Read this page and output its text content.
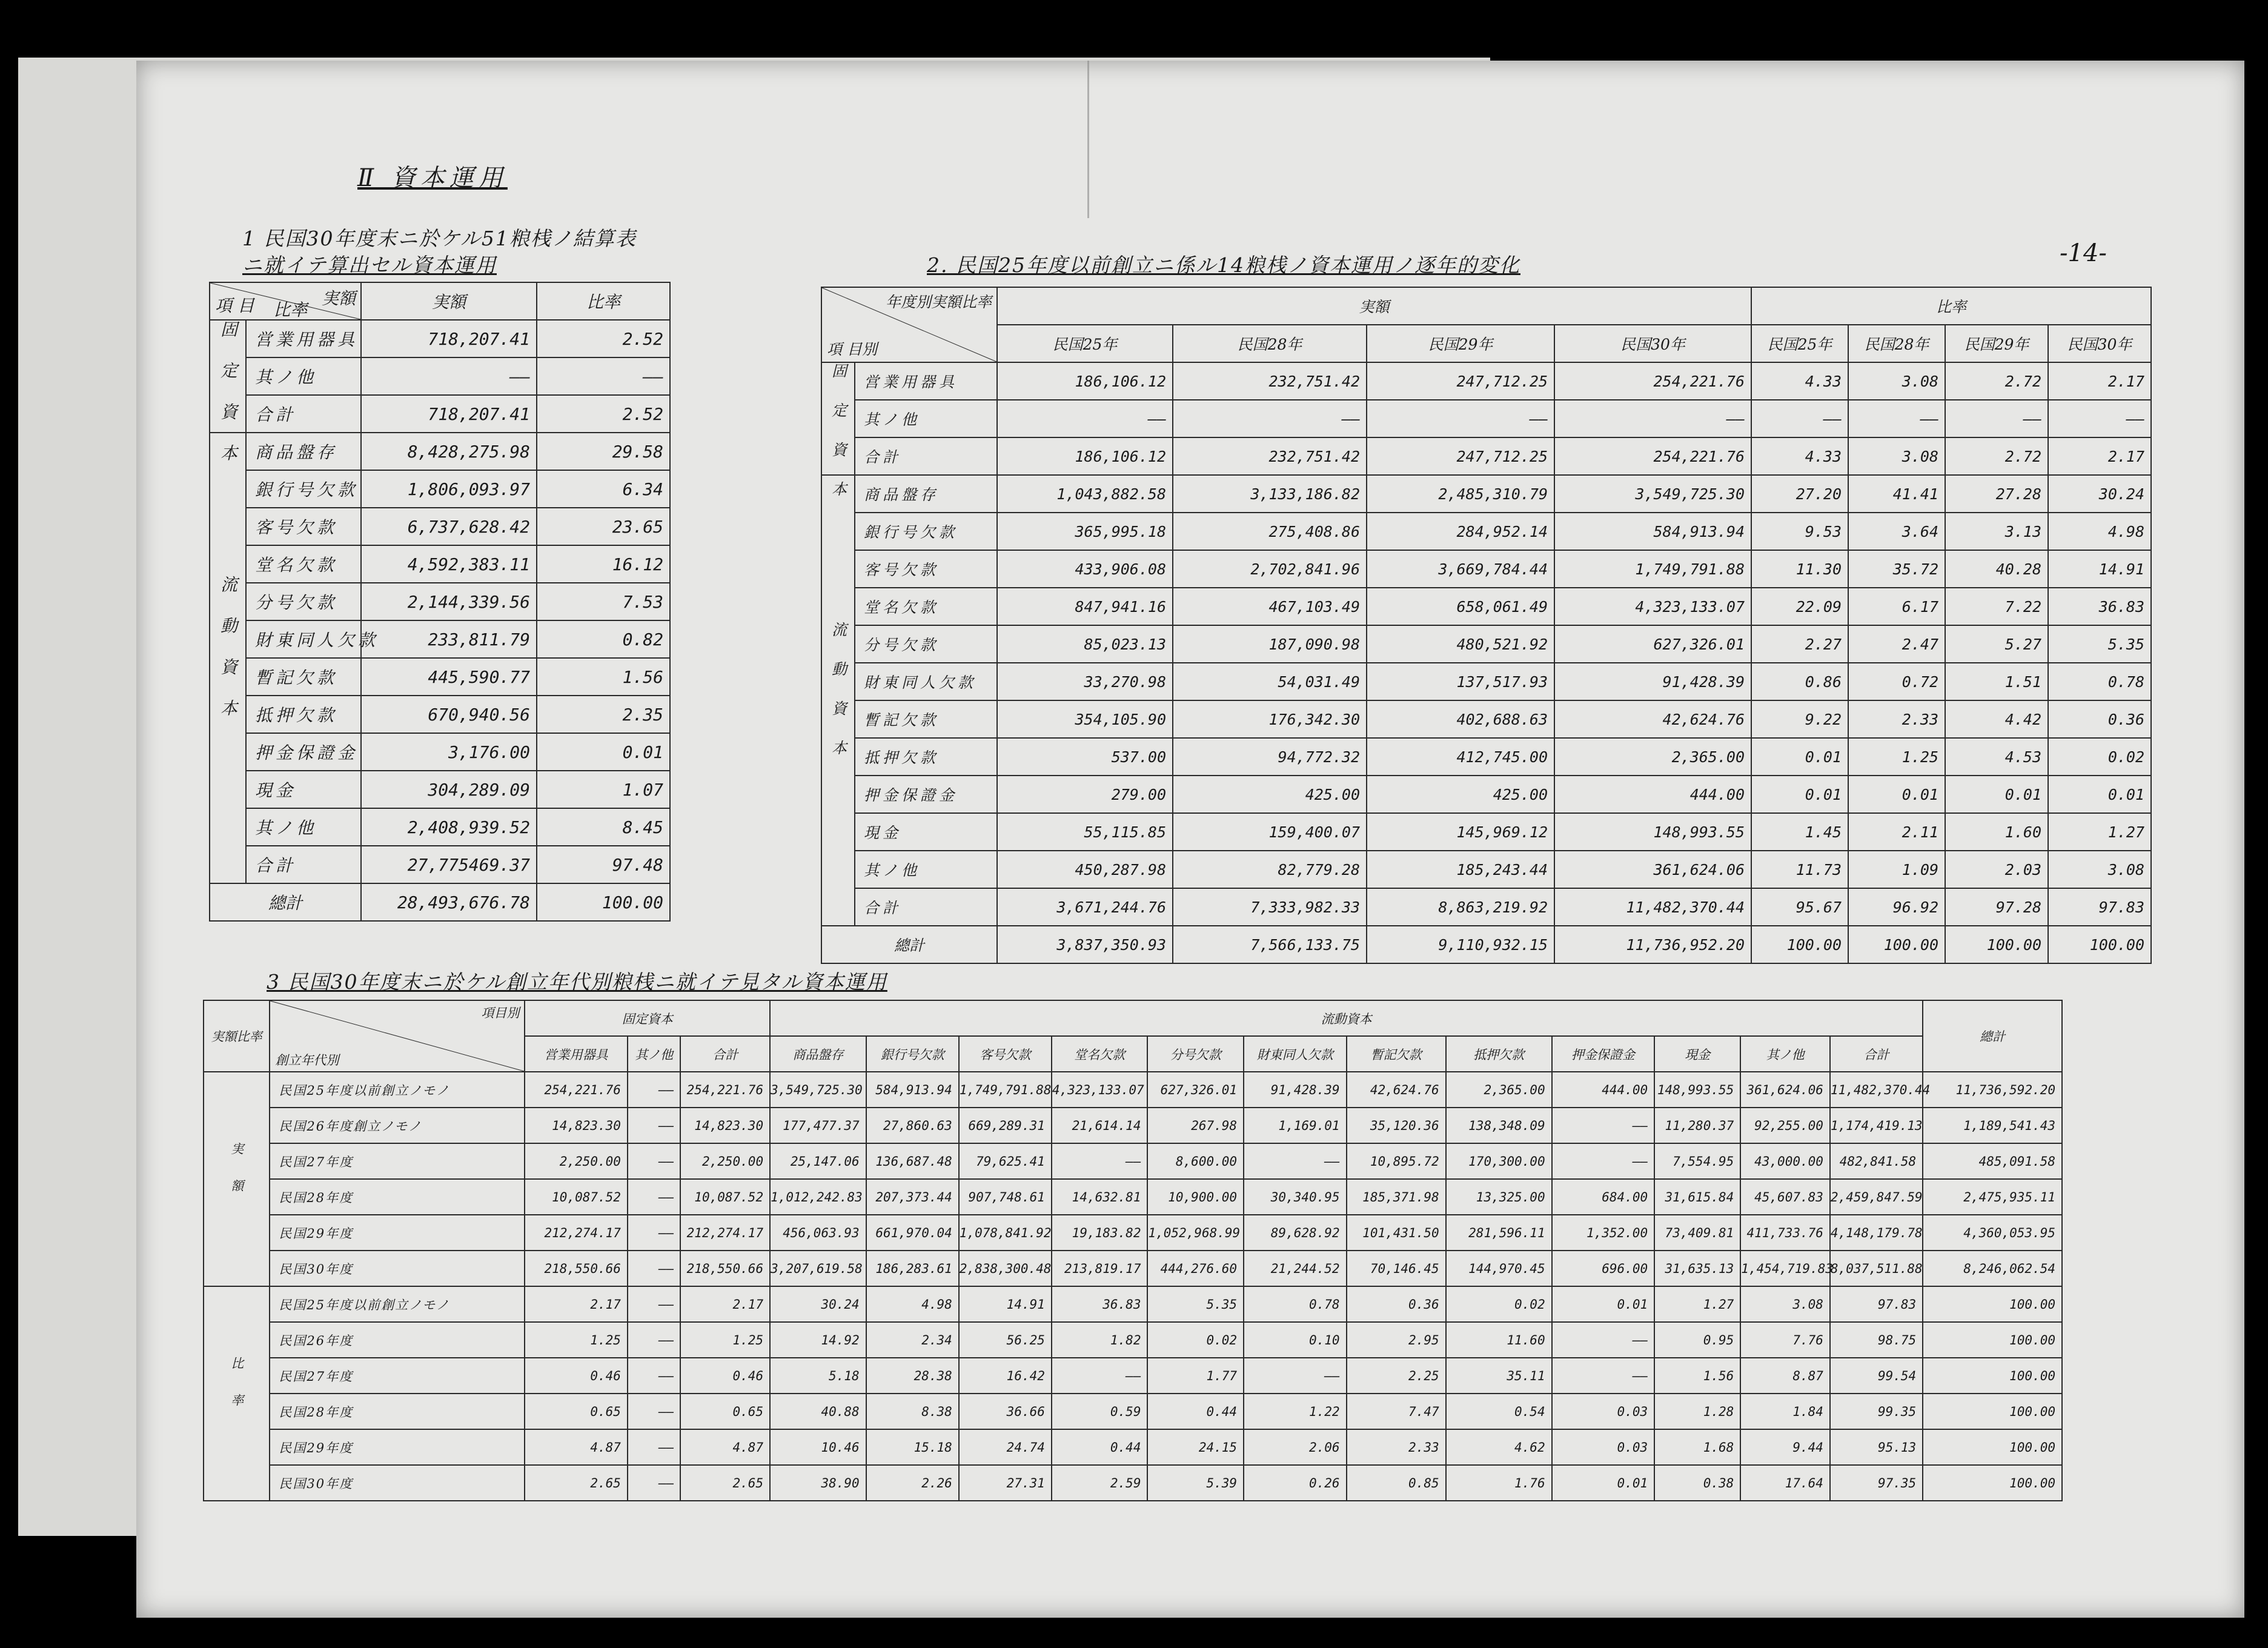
Ⅱ 資本運用
-14-
1 民国30年度末ニ於ケル51粮桟ノ結算表
ニ就イテ算出セル資本運用	2. 民国25年度以前創立ニ係ル14粮桟ノ資本運用ノ逐年的変化
3 民国30年度末ニ於ケル創立年代別粮桟ニ就イテ見タル資本運用
実額
比率
項 目		実額	比率
固定資本	営業用器具	718,207.41	2.52
	其ノ他	——	——
	合計	718,207.41	2.52
流動資本	商品盤存	8,428,275.98	29.58
	銀行号欠款	1,806,093.97	6.34
	客号欠款	6,737,628.42	23.65
	堂名欠款	4,592,383.11	16.12
	分号欠款	2,144,339.56	7.53
	財東同人欠款	233,811.79	0.82
	暫記欠款	445,590.77	1.56
	抵押欠款	670,940.56	2.35
	押金保證金	3,176.00	0.01
	現金	304,289.09	1.07
	其ノ他	2,408,939.52	8.45
	合計	27,775469.37	97.48
總計		28,493,676.78	100.00
年度別実額比率
項 目別		実額				比率			
		民国25年	民国28年	民国29年	民国30年	民国25年	民国28年	民国29年	民国30年
固定資本	営業用器具	186,106.12	232,751.42	247,712.25	254,221.76	4.33	3.08	2.72	2.17
	其ノ他	——	——	——	——	——	——	——	——
	合計	186,106.12	232,751.42	247,712.25	254,221.76	4.33	3.08	2.72	2.17
流動資本	商品盤存	1,043,882.58	3,133,186.82	2,485,310.79	3,549,725.30	27.20	41.41	27.28	30.24
	銀行号欠款	365,995.18	275,408.86	284,952.14	584,913.94	9.53	3.64	3.13	4.98
	客号欠款	433,906.08	2,702,841.96	3,669,784.44	1,749,791.88	11.30	35.72	40.28	14.91
	堂名欠款	847,941.16	467,103.49	658,061.49	4,323,133.07	22.09	6.17	7.22	36.83
	分号欠款	85,023.13	187,090.98	480,521.92	627,326.01	2.27	2.47	5.27	5.35
	財東同人欠款	33,270.98	54,031.49	137,517.93	91,428.39	0.86	0.72	1.51	0.78
	暫記欠款	354,105.90	176,342.30	402,688.63	42,624.76	9.22	2.33	4.42	0.36
	抵押欠款	537.00	94,772.32	412,745.00	2,365.00	0.01	1.25	4.53	0.02
	押金保證金	279.00	425.00	425.00	444.00	0.01	0.01	0.01	0.01
	現金	55,115.85	159,400.07	145,969.12	148,993.55	1.45	2.11	1.60	1.27
	其ノ他	450,287.98	82,779.28	185,243.44	361,624.06	11.73	1.09	2.03	3.08
	合計	3,671,244.76	7,333,982.33	8,863,219.92	11,482,370.44	95.67	96.92	97.28	97.83
總計		3,837,350.93	7,566,133.75	9,110,932.15	11,736,952.20	100.00	100.00	100.00	100.00
実額比率	項目別
創立年代別	固定資本			流動資本												總計
		営業用器具	其ノ他	合計	商品盤存	銀行号欠款	客号欠款	堂名欠款	分号欠款	財東同人欠款	暫記欠款	抵押欠款	押金保證金	現金	其ノ他	合計	
実額	民国25年度以前創立ノモノ	254,221.76	——	254,221.76	3,549,725.30	584,913.94	1,749,791.88	4,323,133.07	627,326.01	91,428.39	42,624.76	2,365.00	444.00	148,993.55	361,624.06	11,482,370.44	11,736,592.20
	民国26年度創立ノモノ	14,823.30	——	14,823.30	177,477.37	27,860.63	669,289.31	21,614.14	267.98	1,169.01	35,120.36	138,348.09	——	11,280.37	92,255.00	1,174,419.13	1,189,541.43
	民国27年度	2,250.00	——	2,250.00	25,147.06	136,687.48	79,625.41	——	8,600.00	——	10,895.72	170,300.00	——	7,554.95	43,000.00	482,841.58	485,091.58
	民国28年度	10,087.52	——	10,087.52	1,012,242.83	207,373.44	907,748.61	14,632.81	10,900.00	30,340.95	185,371.98	13,325.00	684.00	31,615.84	45,607.83	2,459,847.59	2,475,935.11
	民国29年度	212,274.17	——	212,274.17	456,063.93	661,970.04	1,078,841.92	19,183.82	1,052,968.99	89,628.92	101,431.50	281,596.11	1,352.00	73,409.81	411,733.76	4,148,179.78	4,360,053.95
	民国30年度	218,550.66	——	218,550.66	3,207,619.58	186,283.61	2,838,300.48	213,819.17	444,276.60	21,244.52	70,146.45	144,970.45	696.00	31,635.13	1,454,719.83	8,037,511.88	8,246,062.54
比率	民国25年度以前創立ノモノ	2.17	——	2.17	30.24	4.98	14.91	36.83	5.35	0.78	0.36	0.02	0.01	1.27	3.08	97.83	100.00
	民国26年度	1.25	——	1.25	14.92	2.34	56.25	1.82	0.02	0.10	2.95	11.60	——	0.95	7.76	98.75	100.00
	民国27年度	0.46	——	0.46	5.18	28.38	16.42	——	1.77	——	2.25	35.11	——	1.56	8.87	99.54	100.00
	民国28年度	0.65	——	0.65	40.88	8.38	36.66	0.59	0.44	1.22	7.47	0.54	0.03	1.28	1.84	99.35	100.00
	民国29年度	4.87	——	4.87	10.46	15.18	24.74	0.44	24.15	2.06	2.33	4.62	0.03	1.68	9.44	95.13	100.00
	民国30年度	2.65	——	2.65	38.90	2.26	27.31	2.59	5.39	0.26	0.85	1.76	0.01	0.38	17.64	97.35	100.00
